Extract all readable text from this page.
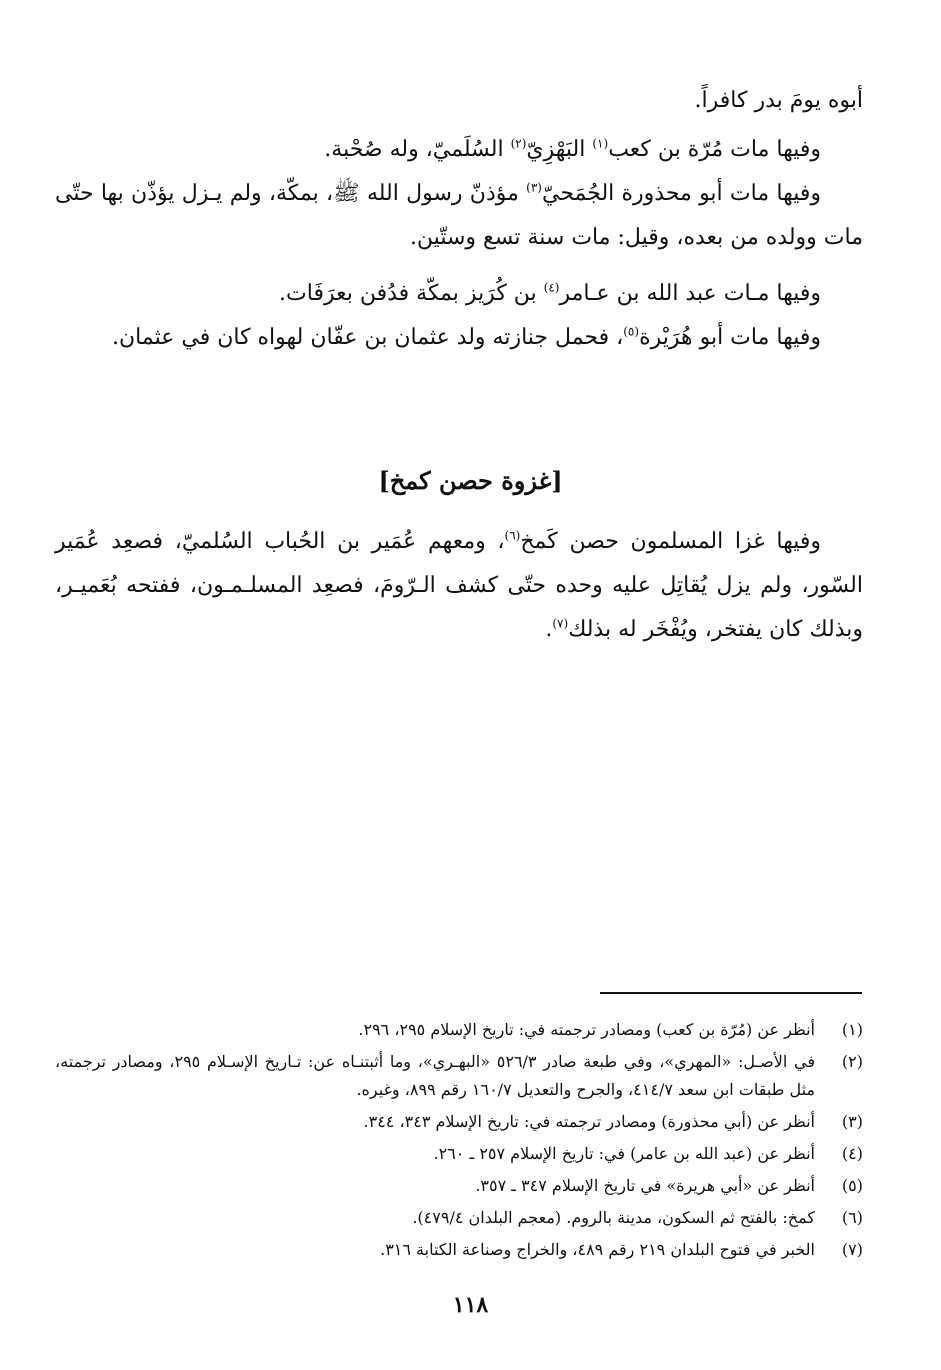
أبوه يومَ بدر كافراً.
وفيها مات مُرّة بن كعب$^{(١)}$ البَهْزِيّ$^{(٢)}$ السُلَميّ، وله صُحْبة.
وفيها مات أبو محذورة الجُمَحيّ$^{(٣)}$ مؤذنّ رسول الله ﷺ، بمكّة، ولم يـزل يؤذّن بها حتّى مات وولده من بعده، وقيل: مات سنة تسع وستّين.
وفيها مـات عبد الله بن عـامر$^{(٤)}$ بن كُرَيز بمكّة فدُفن بعرَفَات.
وفيها مات أبو هُرَيْرة$^{(٥)}$، فحمل جنازته ولد عثمان بن عفّان لهواه كان في عثمان.
[غزوة حصن كمخ]
وفيها غزا المسلمون حصن كَمخ$^{(٦)}$، ومعهم عُمَير بن الحُباب السُلميّ، فصعِد عُمَير السّور، ولم يزل يُقاتِل عليه وحده حتّى كشف الـرّومَ، فصعِد المسلـمـون، ففتحه بُعَميـر، وبذلك كان يفتخر، ويُفْخَر له بذلك$^{(٧)}$.
(١)
أنظر عن (مُرّة بن كعب) ومصادر ترجمته في: تاريخ الإسلام ٢٩٥، ٢٩٦.
(٢)
في الأصـل: «المهري»، وفي طبعة صادر ٥٢٦/٣ «البهـري»، وما أثبتنـاه عن: تـاريخ الإسـلام ٢٩٥، ومصادر ترجمته، مثل طبقات ابن سعد ٤١٤/٧، والجرح والتعديل ١٦٠/٧ رقم ٨٩٩، وغيره.
(٣)
أنظر عن (أبي محذورة) ومصادر ترجمته في: تاريخ الإسلام ٣٤٣، ٣٤٤.
(٤)
أنظر عن (عبد الله بن عامر) في: تاريخ الإسلام ٢٥٧ ـ ٢٦٠.
(٥)
أنظر عن «أبي هريرة» في تاريخ الإسلام ٣٤٧ ـ ٣٥٧.
(٦)
كمخ: بالفتح ثم السكون، مدينة بالروم. (معجم البلدان ٤٧٩/٤).
(٧)
الخبر في فتوح البلدان ٢١٩ رقم ٤٨٩، والخراج وصناعة الكتابة ٣١٦.
١١٨
